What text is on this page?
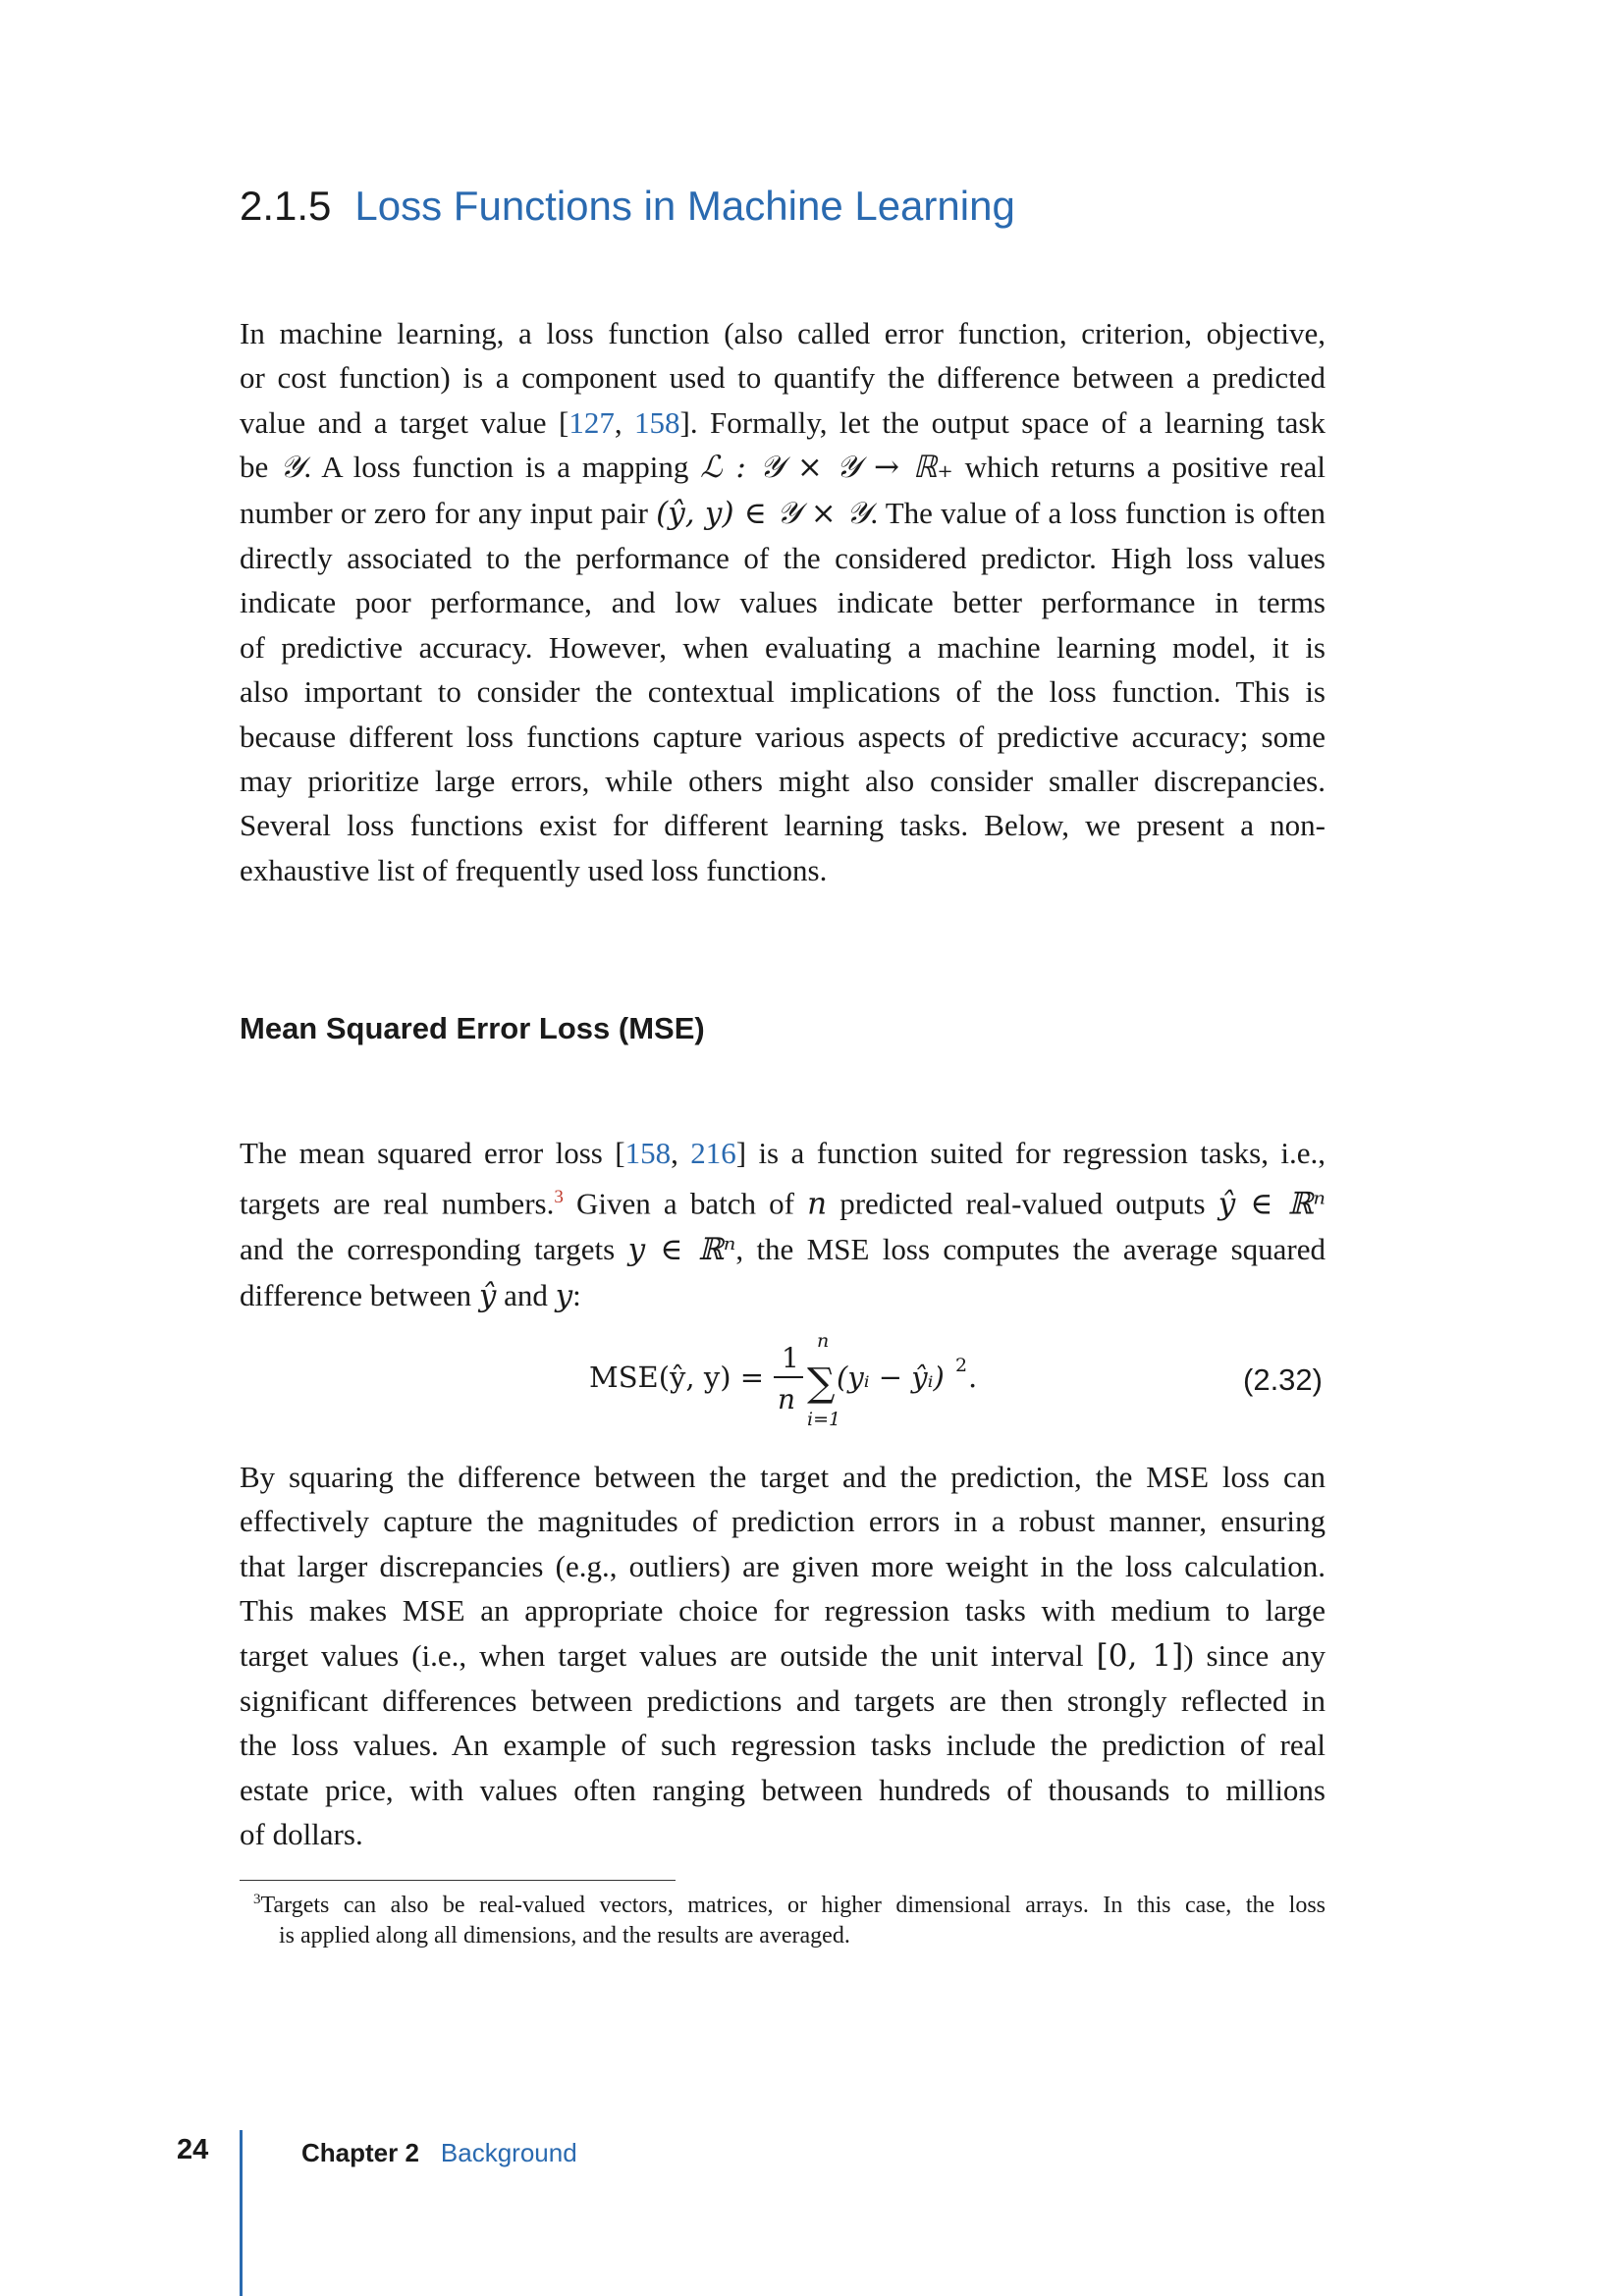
2.1.5 Loss Functions in Machine Learning
In machine learning, a loss function (also called error function, criterion, objective,
or cost function) is a component used to quantify the difference between a predicted
value and a target value [127, 158]. Formally, let the output space of a learning task
be 𝒴. A loss function is a mapping ℒ : 𝒴 × 𝒴 → ℝ₊ which returns a positive real
number or zero for any input pair (ŷ, y) ∈ 𝒴 × 𝒴. The value of a loss function is often
directly associated to the performance of the considered predictor. High loss values
indicate poor performance, and low values indicate better performance in terms
of predictive accuracy. However, when evaluating a machine learning model, it is
also important to consider the contextual implications of the loss function. This is
because different loss functions capture various aspects of predictive accuracy; some
may prioritize large errors, while others might also consider smaller discrepancies.
Several loss functions exist for different learning tasks. Below, we present a non-
exhaustive list of frequently used loss functions.
Mean Squared Error Loss (MSE)
The mean squared error loss [158, 216] is a function suited for regression tasks, i.e.,
targets are real numbers.$^3$ Given a batch of n predicted real-valued outputs ŷ ∈ ℝⁿ
and the corresponding targets y ∈ ℝⁿ, the MSE loss computes the average squared
difference between ŷ and y:
MSE(ŷ, y) =
1
n
n
∑
i=1
(yᵢ − ŷᵢ) 2 .	(2.32)
By squaring the difference between the target and the prediction, the MSE loss can
effectively capture the magnitudes of prediction errors in a robust manner, ensuring
that larger discrepancies (e.g., outliers) are given more weight in the loss calculation.
This makes MSE an appropriate choice for regression tasks with medium to large
target values (i.e., when target values are outside the unit interval [0, 1]) since any
significant differences between predictions and targets are then strongly reflected in
the loss values. An example of such regression tasks include the prediction of real
estate price, with values often ranging between hundreds of thousands to millions
of dollars.
$^3$Targets can also be real-valued vectors, matrices, or higher dimensional arrays. In this case, the loss
is applied along all dimensions, and the results are averaged.
24	Chapter 2 Background
